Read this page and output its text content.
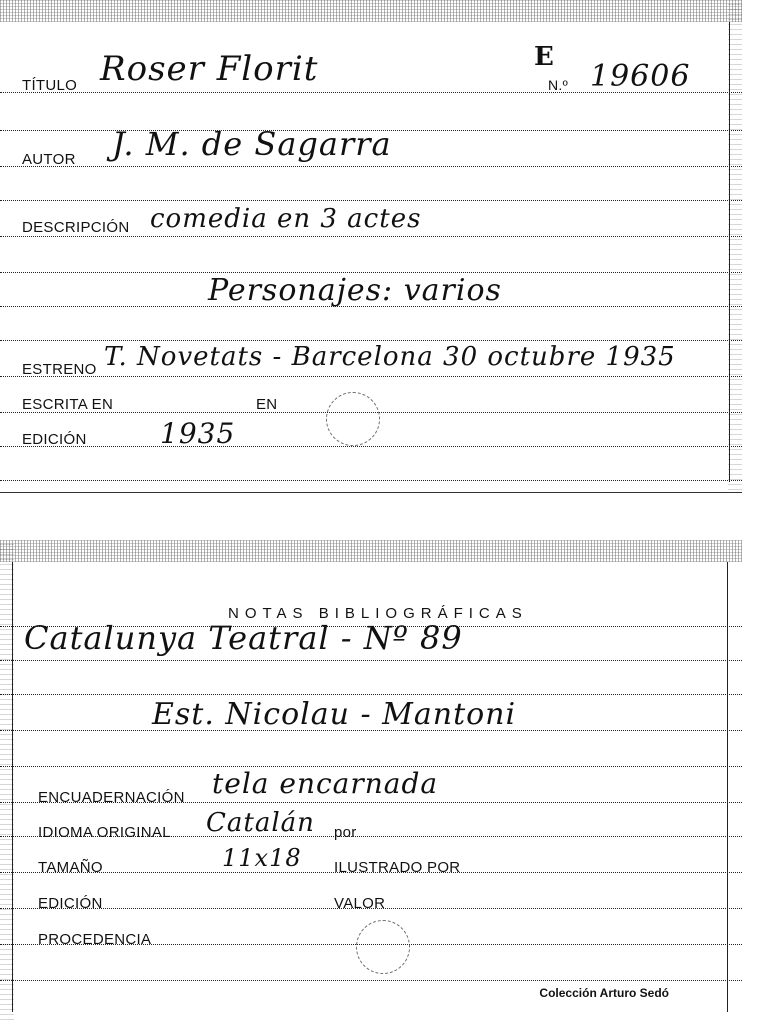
TÍTULO Roser Florit	E
N.º 19606
AUTOR J. M. de Sagarra
DESCRIPCIÓN comedia en 3 actes
Personajes: varios
ESTRENO T. Novetats - Barcelona 30 octubre 1935
ESCRITA EN	EN
EDICIÓN	1935
NOTAS BIBLIOGRÁFICAS
Catalunya Teatral - Nº 89
Est. Nicolau - Mantoni
ENCUADERNACIÓN tela encarnada
IDIOMA ORIGINAL Catalán por
TAMAÑO	11x18 ILUSTRADO POR
EDICIÓN	VALOR
PROCEDENCIA
Colección Arturo Sedó
